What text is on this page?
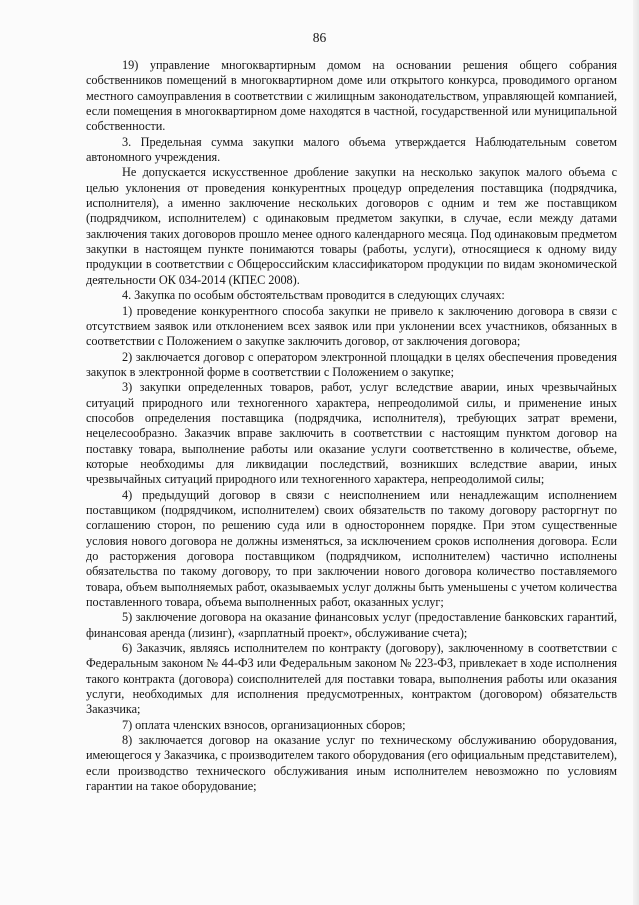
86

19) управление многоквартирным домом на основании решения общего собрания собственников помещений в многоквартирном доме или открытого конкурса, проводимого органом местного самоуправления в соответствии с жилищным законодательством, управляющей компанией, если помещения в многоквартирном доме находятся в частной, государственной или муниципальной собственности.

3. Предельная сумма закупки малого объема утверждается Наблюдательным советом автономного учреждения.

Не допускается искусственное дробление закупки на несколько закупок малого объема с целью уклонения от проведения конкурентных процедур определения поставщика (подрядчика, исполнителя), а именно заключение нескольких договоров с одним и тем же поставщиком (подрядчиком, исполнителем) с одинаковым предметом закупки, в случае, если между датами заключения таких договоров прошло менее одного календарного месяца. Под одинаковым предметом закупки в настоящем пункте понимаются товары (работы, услуги), относящиеся к одному виду продукции в соответствии с Общероссийским классификатором продукции по видам экономической деятельности ОК 034-2014 (КПЕС 2008).

4. Закупка по особым обстоятельствам проводится в следующих случаях:

1) проведение конкурентного способа закупки не привело к заключению договора в связи с отсутствием заявок или отклонением всех заявок или при уклонении всех участников, обязанных в соответствии с Положением о закупке заключить договор, от заключения договора;

2) заключается договор с оператором электронной площадки в целях обеспечения проведения закупок в электронной форме в соответствии с Положением о закупке;

3) закупки определенных товаров, работ, услуг вследствие аварии, иных чрезвычайных ситуаций природного или техногенного характера, непреодолимой силы, и применение иных способов определения поставщика (подрядчика, исполнителя), требующих затрат времени, нецелесообразно. Заказчик вправе заключить в соответствии с настоящим пунктом договор на поставку товара, выполнение работы или оказание услуги соответственно в количестве, объеме, которые необходимы для ликвидации последствий, возникших вследствие аварии, иных чрезвычайных ситуаций природного или техногенного характера, непреодолимой силы;

4) предыдущий договор в связи с неисполнением или ненадлежащим исполнением поставщиком (подрядчиком, исполнителем) своих обязательств по такому договору расторгнут по соглашению сторон, по решению суда или в одностороннем порядке. При этом существенные условия нового договора не должны изменяться, за исключением сроков исполнения договора. Если до расторжения договора поставщиком (подрядчиком, исполнителем) частично исполнены обязательства по такому договору, то при заключении нового договора количество поставляемого товара, объем выполняемых работ, оказываемых услуг должны быть уменьшены с учетом количества поставленного товара, объема выполненных работ, оказанных услуг;

5) заключение договора на оказание финансовых услуг (предоставление банковских гарантий, финансовая аренда (лизинг), «зарплатный проект», обслуживание счета);

6) Заказчик, являясь исполнителем по контракту (договору), заключенному в соответствии с Федеральным законом № 44-ФЗ или Федеральным законом № 223-ФЗ, привлекает в ходе исполнения такого контракта (договора) соисполнителей для поставки товара, выполнения работы или оказания услуги, необходимых для исполнения предусмотренных, контрактом (договором) обязательств Заказчика;

7) оплата членских взносов, организационных сборов;

8) заключается договор на оказание услуг по техническому обслуживанию оборудования, имеющегося у Заказчика, с производителем такого оборудования (его официальным представителем), если производство технического обслуживания иным исполнителем невозможно по условиям гарантии на такое оборудование;
